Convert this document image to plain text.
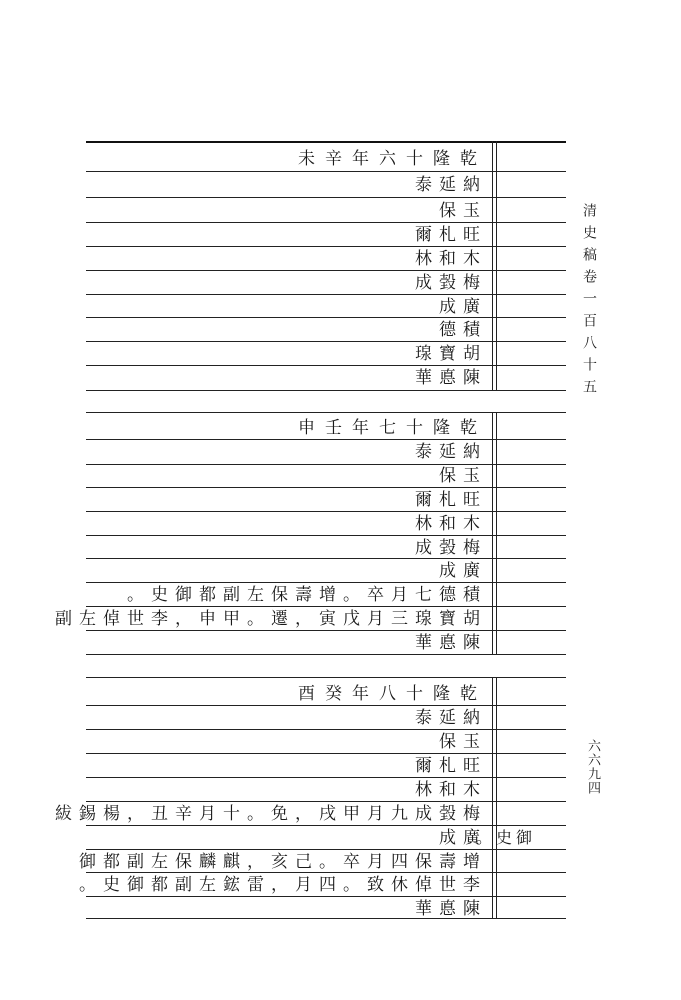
清史稿卷一百八十五
六六九四
未辛年六十隆乾
泰延納
保玉
爾札旺
林和木
成㲄梅
成廣
德積
瑔寶胡
華悳陳
申壬年七十隆乾
泰延納
保玉
爾札旺
林和木
成㲄梅
成廣
。史御都副左保壽增。卒月七德積
副左倬世李，申甲。遷，寅戊月三瑔寶胡
華悳陳
酉癸年八十隆乾
泰延納
保玉
爾札旺
林和木
紱錫楊，丑辛月十。免，戌甲月九成㲄梅
成廣
。史御
御都副左保麟麒，亥己。卒月四保壽增
。史御都副左鋐雷，月四。致休倬世李
華悳陳
